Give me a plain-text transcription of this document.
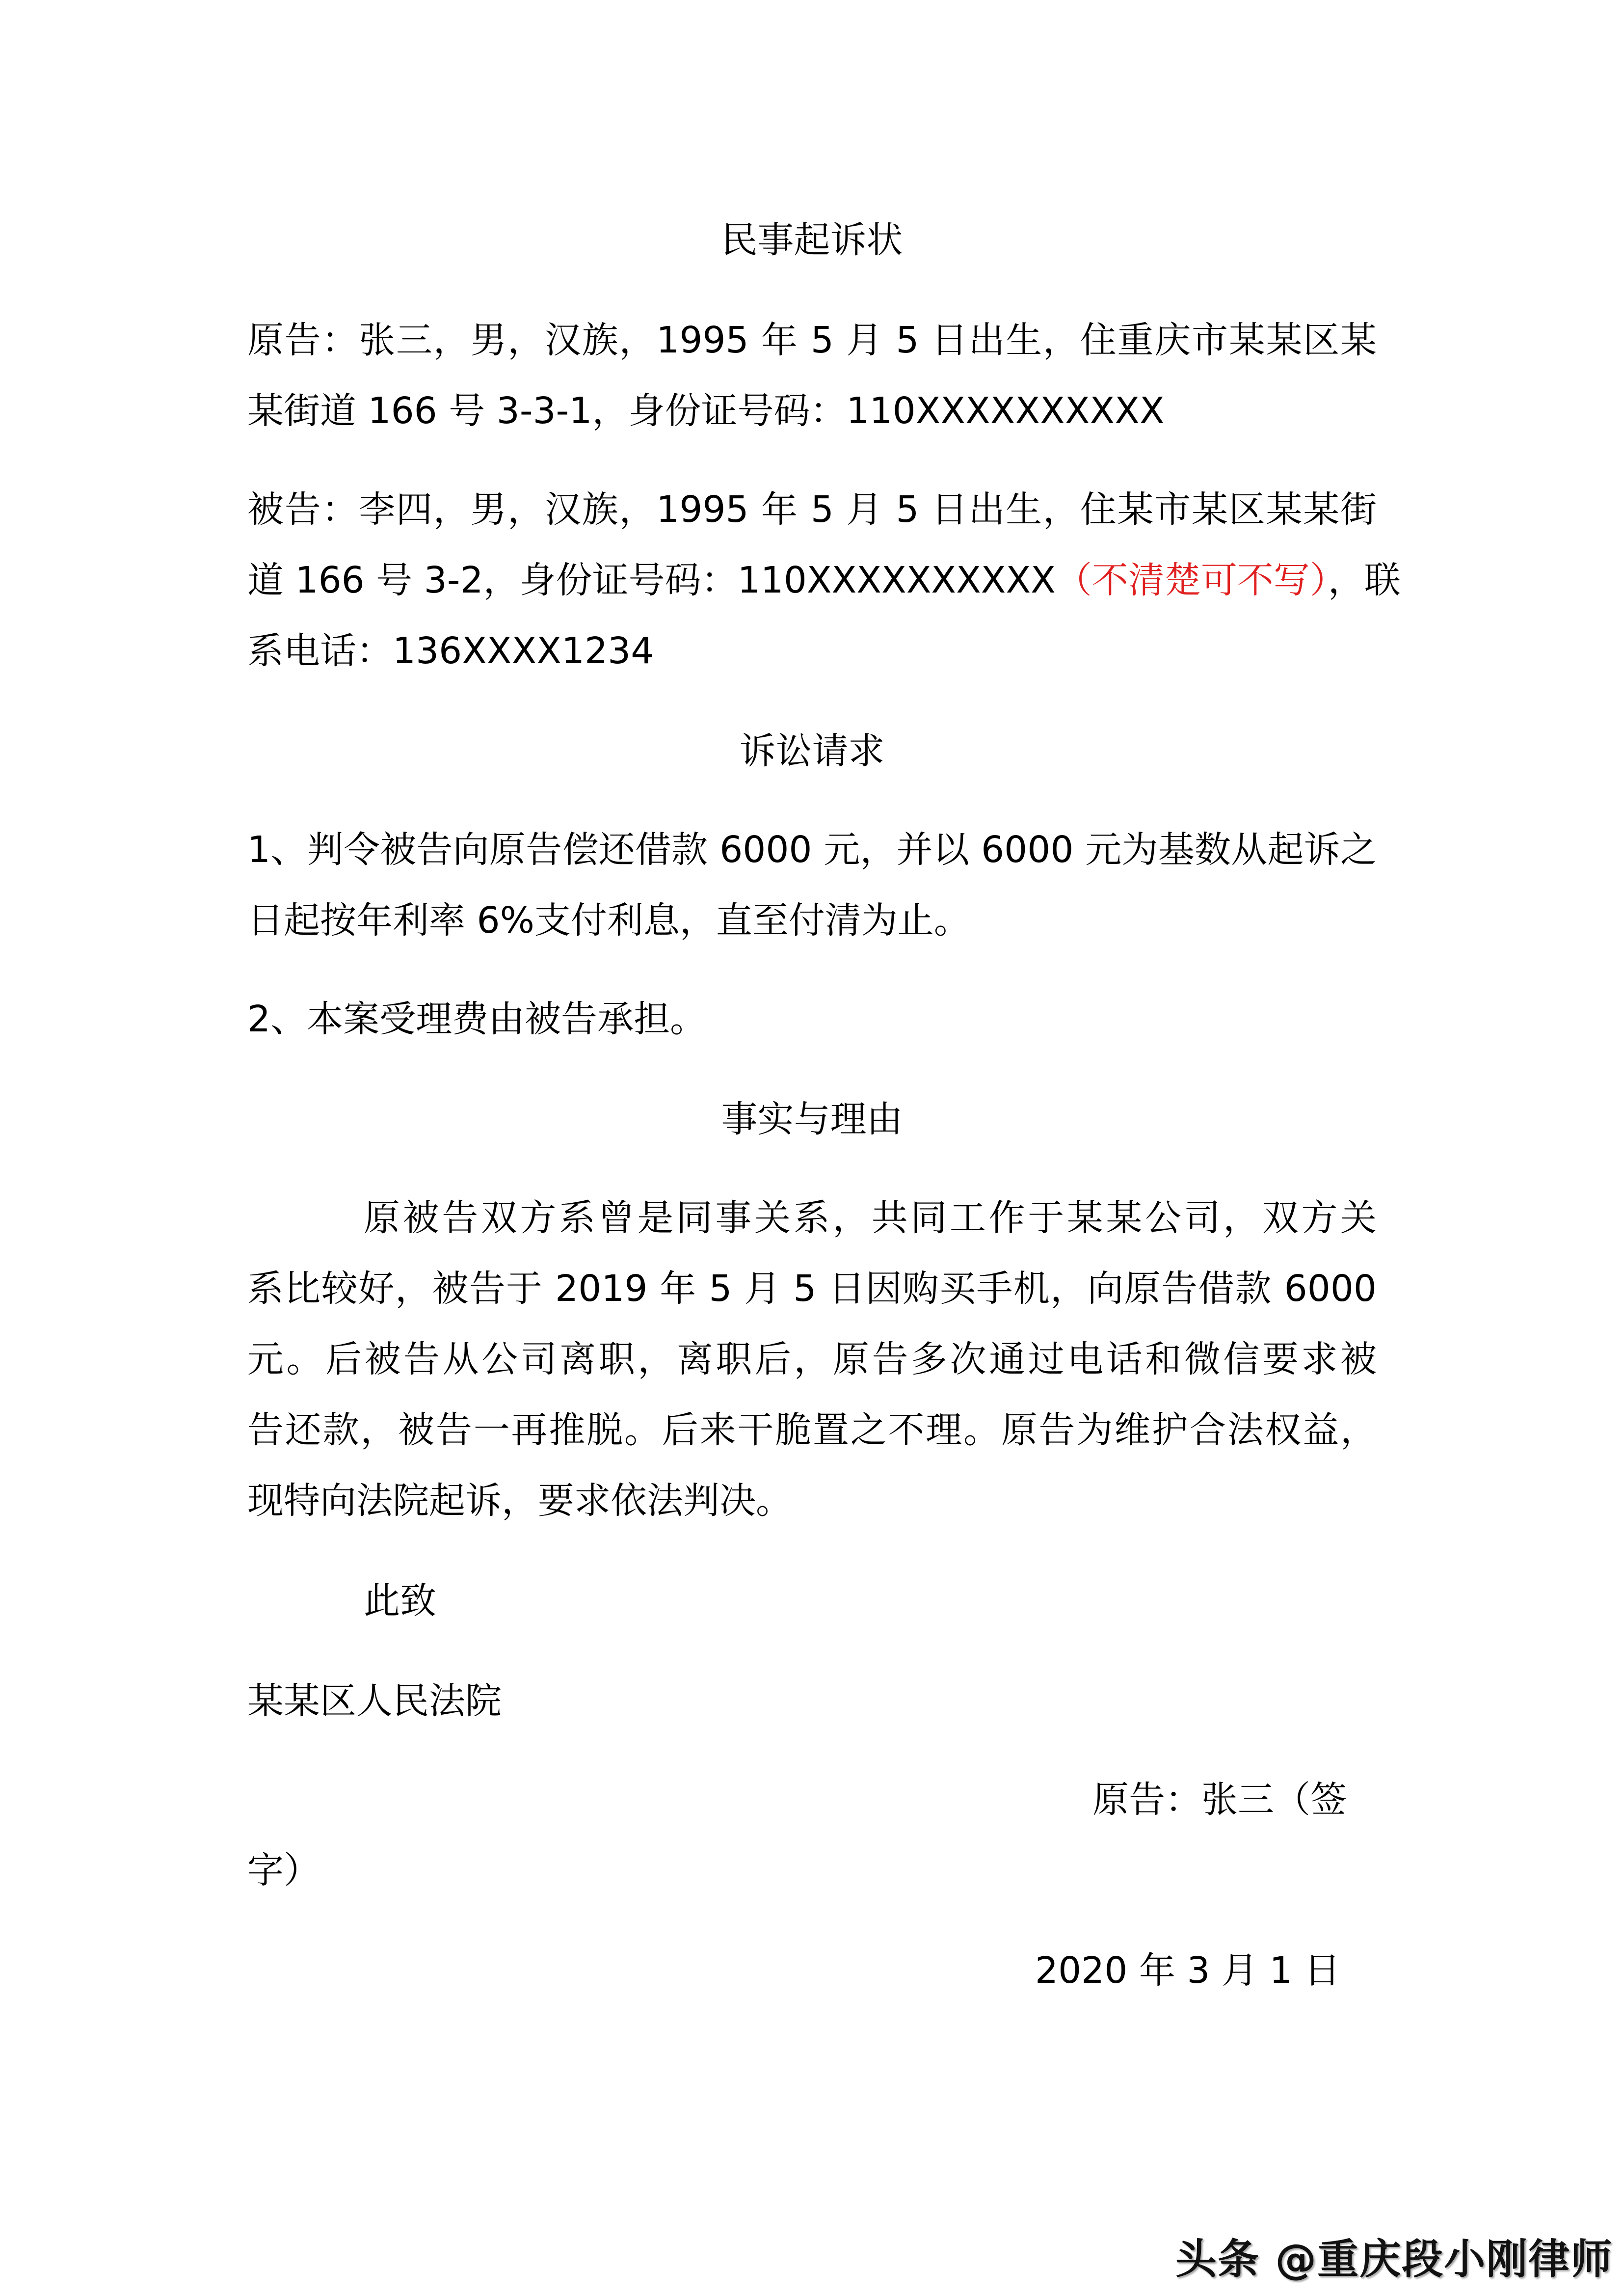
民事起诉状
原告：张三，男，汉族，1995 年 5 月 5 日出生，住重庆市某某区某
某街道 166 号 3-3-1，身份证号码：110XXXXXXXXXX
被告：李四，男，汉族，1995 年 5 月 5 日出生，住某市某区某某街
道 166 号 3-2，身份证号码：110XXXXXXXXXX（不清楚可不写），联
系电话：136XXXX1234
诉讼请求
1、判令被告向原告偿还借款 6000 元，并以 6000 元为基数从起诉之
日起按年利率 6%支付利息，直至付清为止。
2、本案受理费由被告承担。
事实与理由
原被告双方系曾是同事关系，共同工作于某某公司，双方关
系比较好，被告于 2019 年 5 月 5 日因购买手机，向原告借款 6000
元。后被告从公司离职，离职后，原告多次通过电话和微信要求被
告还款，被告一再推脱。后来干脆置之不理。原告为维护合法权益，
现特向法院起诉，要求依法判决。
此致
某某区人民法院
原告：张三（签
字）
2020 年 3 月 1 日
头条 @重庆段小刚律师
